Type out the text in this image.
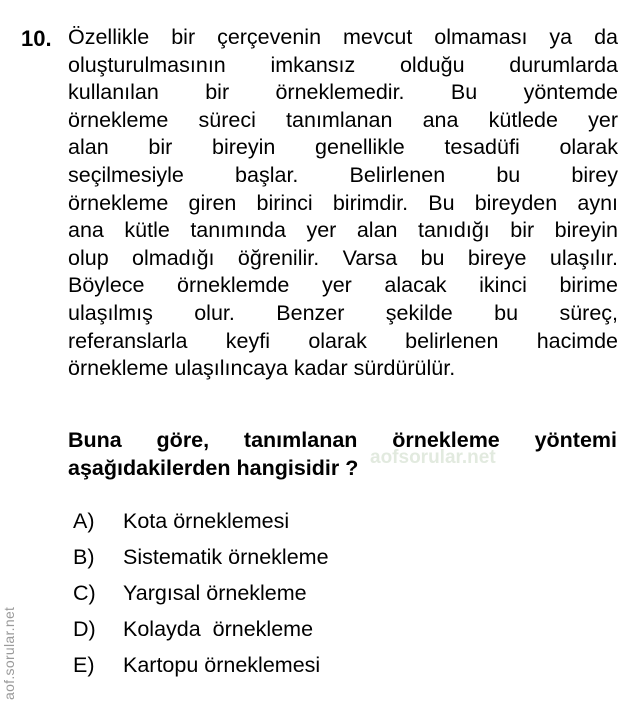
10. Özellikle bir çerçevenin mevcut olmaması ya da
oluşturulmasının imkansız olduğu durumlarda
kullanılan bir örneklemedir. Bu yöntemde
örnekleme süreci tanımlanan ana kütlede yer
alan bir bireyin genellikle tesadüfi olarak
seçilmesiyle başlar. Belirlenen bu birey
örnekleme giren birinci birimdir. Bu bireyden aynı
ana kütle tanımında yer alan tanıdığı bir bireyin
olup olmadığı öğrenilir. Varsa bu bireye ulaşılır.
Böylece örneklemde yer alacak ikinci birime
ulaşılmış olur. Benzer şekilde bu süreç,
referanslarla keyfi olarak belirlenen hacimde
örnekleme ulaşılıncaya kadar sürdürülür.
Buna göre, tanımlanan örnekleme yöntemi
aşağıdakilerden hangisidir ? aofsorular.net
A) Kota örneklemesi
B) Sistematik örnekleme
C) Yargısal örnekleme
D) Kolayda  örnekleme
E) Kartopu örneklemesi
aof.sorular.net
